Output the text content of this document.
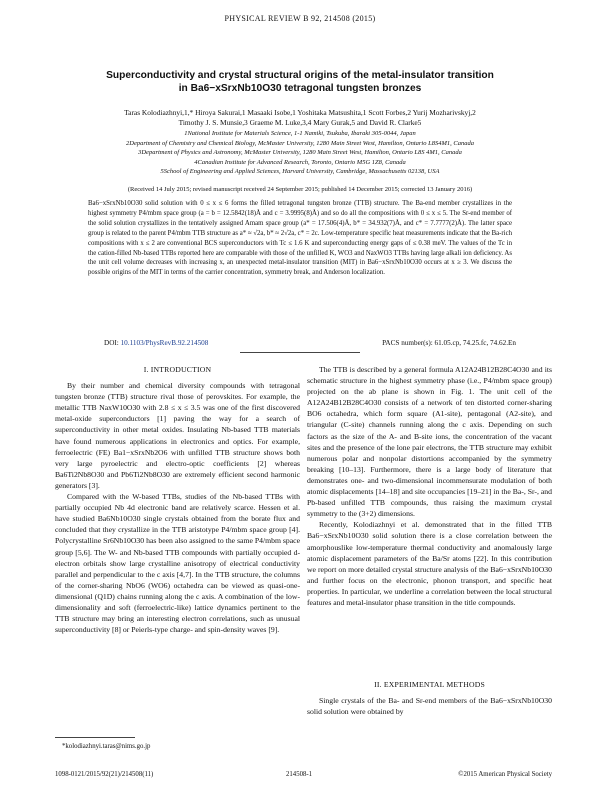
PHYSICAL REVIEW B 92, 214508 (2015)
Superconductivity and crystal structural origins of the metal-insulator transition
in Ba6−xSrxNb10O30 tetragonal tungsten bronzes
Taras Kolodiazhnyi,1,* Hiroya Sakurai,1 Masaaki Isobe,1 Yoshitaka Matsushita,1 Scott Forbes,2 Yurij Mozharivskyj,2
Timothy J. S. Munsie,3 Graeme M. Luke,3,4 Mary Gurak,5 and David R. Clarke5
1National Institute for Materials Science, 1-1 Namiki, Tsukuba, Ibaraki 305-0044, Japan
2Department of Chemistry and Chemical Biology, McMaster University, 1280 Main Street West, Hamilton, Ontario L8S4M1, Canada
3Department of Physics and Astronomy, McMaster University, 1280 Main Street West, Hamilton, Ontario L8S 4M1, Canada
4Canadian Institute for Advanced Research, Toronto, Ontario M5G 1Z8, Canada
5School of Engineering and Applied Sciences, Harvard University, Cambridge, Massachusetts 02138, USA
(Received 14 July 2015; revised manuscript received 24 September 2015; published 14 December 2015; corrected 13 January 2016)
Ba6−xSrxNb10O30 solid solution with 0 ≤ x ≤ 6 forms the filled tetragonal tungsten bronze (TTB) structure. The Ba-end member crystallizes in the highest symmetry P4/mbm space group (a = b = 12.5842(18)Å and c = 3.9995(8)Å) and so do all the compositions with 0 ≤ x ≤ 5. The Sr-end member of the solid solution crystallizes in the tentatively assigned Amam space group (a* = 17.506(4)Å, b* = 34.932(7)Å, and c* = 7.7777(2)Å). The latter space group is related to the parent P4/mbm TTB structure as a* ≈ √2a, b* ≈ 2√2a, c* = 2c. Low-temperature specific heat measurements indicate that the Ba-rich compositions with x ≤ 2 are conventional BCS superconductors with Tc ≤ 1.6 K and superconducting energy gaps of ≤ 0.38 meV. The values of the Tc in the cation-filled Nb-based TTBs reported here are comparable with those of the unfilled K, WO3 and NaxWO3 TTBs having large alkali ion deficiency. As the unit cell volume decreases with increasing x, an unexpected metal-insulator transition (MIT) in Ba6−xSrxNb10O30 occurs at x ≥ 3. We discuss the possible origins of the MIT in terms of the carrier concentration, symmetry break, and Anderson localization.
DOI: 10.1103/PhysRevB.92.214508	PACS number(s): 61.05.cp, 74.25.fc, 74.62.En
I. INTRODUCTION

By their number and chemical diversity compounds with tetragonal tungsten bronze (TTB) structure rival those of perovskites. For example, the metallic TTB NaxW10O30 with 2.8 ≤ x ≤ 3.5 was one of the first discovered metal-oxide superconductors [1] paving the way for a search of superconductivity in other metal oxides. Insulating Nb-based TTB materials have found numerous applications in electronics and optics. For example, ferroelectric (FE) Ba1−xSrxNb2O6 with unfilled TTB structure shows both very large pyroelectric and electro-optic coefficients [2] whereas Ba6Ti2Nb8O30 and Pb6Ti2Nb8O30 are extremely efficient second harmonic generators [3].

Compared with the W-based TTBs, studies of the Nb-based TTBs with partially occupied Nb 4d electronic band are relatively scarce. Hessen et al. have studied Ba6Nb10O30 single crystals obtained from the borate flux and concluded that they crystallize in the TTB aristotype P4/mbm space group [4]. Polycrystalline Sr6Nb10O30 has been also assigned to the same P4/mbm space group [5,6]. The W- and Nb-based TTB compounds with partially occupied d-electron orbitals show large crystalline anisotropy of electrical conductivity parallel and perpendicular to the c axis [4,7]. In the TTB structure, the columns of the corner-sharing NbO6 (WO6) octahedra can be viewed as quasi-one-dimensional (Q1D) chains running along the c axis. A combination of the low-dimensionality and soft (ferroelectric-like) lattice dynamics pertinent to the TTB structure may bring an interesting electron correlations, such as unusual superconductivity [8] or Peierls-type charge- and spin-density waves [9].

The TTB is described by a general formula A12A24B12B28C4O30 and its schematic structure in the highest symmetry phase (i.e., P4/mbm space group) projected on the ab plane is shown in Fig. 1. The unit cell of the A12A24B12B28C4O30 consists of a network of ten distorted corner-sharing BO6 octahedra, which form square (A1-site), pentagonal (A2-site), and triangular (C-site) channels running along the c axis. Depending on such factors as the size of the A- and B-site ions, the concentration of the vacant sites and the presence of the lone pair electrons, the TTB structure may exhibit numerous polar and nonpolar distortions accompanied by the symmetry breaking [10–13]. Furthermore, there is a large body of literature that demonstrates one- and two-dimensional incommensurate modulation of both atomic displacements [14–18] and site occupancies [19–21] in the Ba-, Sr-, and Pb-based unfilled TTB compounds, thus raising the maximum crystal symmetry to the (3+2) dimensions.

Recently, Kolodiazhnyi et al. demonstrated that in the filled TTB Ba6−xSrxNb10O30 solid solution there is a close correlation between the amorphouslike low-temperature thermal conductivity and anomalously large atomic displacement parameters of the Ba/Sr atoms [22]. In this contribution we report on more detailed crystal structure analysis of the Ba6−xSrxNb10O30 and further focus on the electronic, phonon transport, and specific heat properties. In particular, we underline a correlation between the local structural features and metal-insulator phase transition in the title compounds.

II. EXPERIMENTAL METHODS

Single crystals of the Ba- and Sr-end members of the Ba6−xSrxNb10O30 solid solution were obtained by

*kolodiazhnyi.taras@nims.go.jp
1098-0121/2015/92(21)/214508(11)	214508-1	©2015 American Physical Society
